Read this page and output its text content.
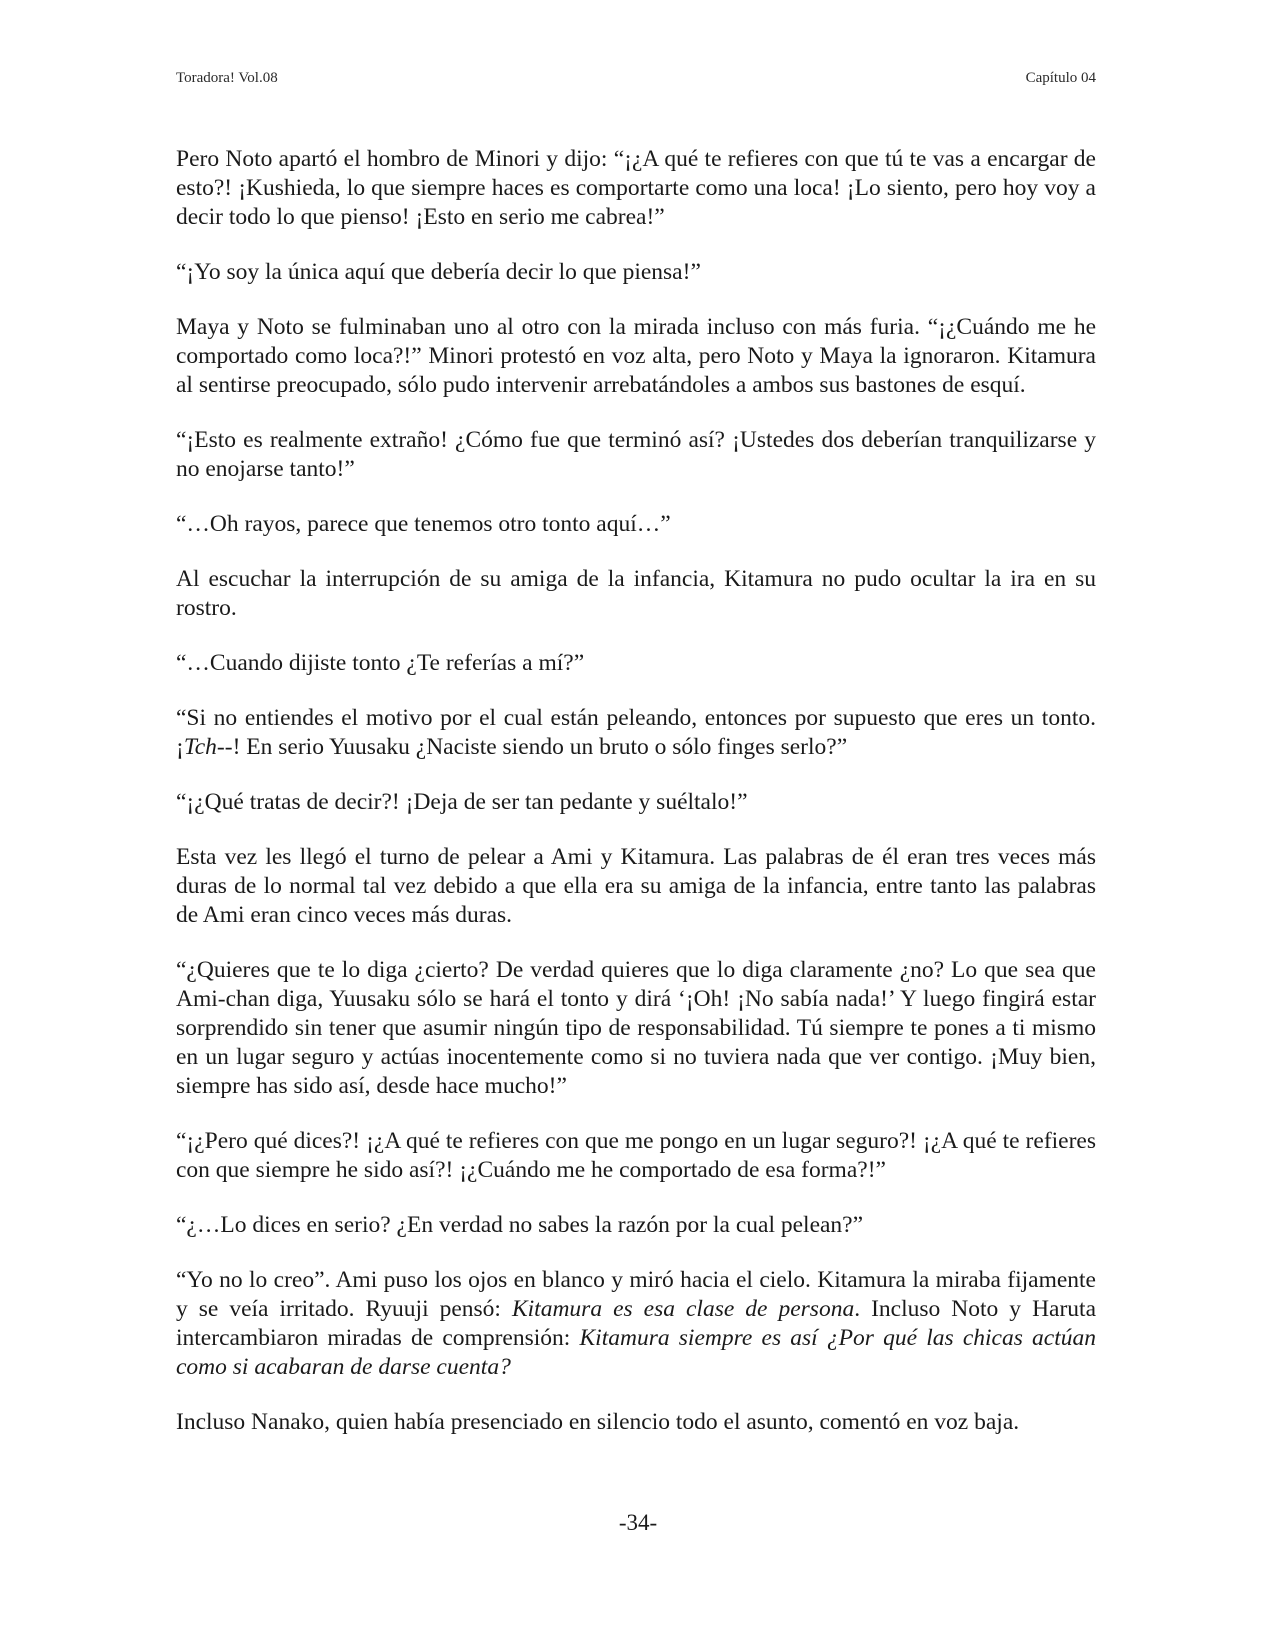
Toradora! Vol.08	Capítulo 04

Pero Noto apartó el hombro de Minori y dijo: “¡¿A qué te refieres con que tú te vas a encargar de esto?! ¡Kushieda, lo que siempre haces es comportarte como una loca! ¡Lo siento, pero hoy voy a decir todo lo que pienso! ¡Esto en serio me cabrea!”

“¡Yo soy la única aquí que debería decir lo que piensa!”

Maya y Noto se fulminaban uno al otro con la mirada incluso con más furia. “¡¿Cuándo me he comportado como loca?!” Minori protestó en voz alta, pero Noto y Maya la ignoraron. Kitamura al sentirse preocupado, sólo pudo intervenir arrebatándoles a ambos sus bastones de esquí.

“¡Esto es realmente extraño! ¿Cómo fue que terminó así? ¡Ustedes dos deberían tranquilizarse y no enojarse tanto!”

“…Oh rayos, parece que tenemos otro tonto aquí…”

Al escuchar la interrupción de su amiga de la infancia, Kitamura no pudo ocultar la ira en su rostro.

“…Cuando dijiste tonto ¿Te referías a mí?”

“Si no entiendes el motivo por el cual están peleando, entonces por supuesto que eres un tonto. ¡Tch--! En serio Yuusaku ¿Naciste siendo un bruto o sólo finges serlo?”

“¡¿Qué tratas de decir?! ¡Deja de ser tan pedante y suéltalo!”

Esta vez les llegó el turno de pelear a Ami y Kitamura. Las palabras de él eran tres veces más duras de lo normal tal vez debido a que ella era su amiga de la infancia, entre tanto las palabras de Ami eran cinco veces más duras.

“¿Quieres que te lo diga ¿cierto? De verdad quieres que lo diga claramente ¿no? Lo que sea que Ami-chan diga, Yuusaku sólo se hará el tonto y dirá ‘¡Oh! ¡No sabía nada!’ Y luego fingirá estar sorprendido sin tener que asumir ningún tipo de responsabilidad. Tú siempre te pones a ti mismo en un lugar seguro y actúas inocentemente como si no tuviera nada que ver contigo. ¡Muy bien, siempre has sido así, desde hace mucho!”

“¡¿Pero qué dices?! ¡¿A qué te refieres con que me pongo en un lugar seguro?! ¡¿A qué te refieres con que siempre he sido así?! ¡¿Cuándo me he comportado de esa forma?!”

“¿…Lo dices en serio? ¿En verdad no sabes la razón por la cual pelean?”

“Yo no lo creo”. Ami puso los ojos en blanco y miró hacia el cielo. Kitamura la miraba fijamente y se veía irritado. Ryuuji pensó: Kitamura es esa clase de persona. Incluso Noto y Haruta intercambiaron miradas de comprensión: Kitamura siempre es así ¿Por qué las chicas actúan como si acabaran de darse cuenta?

Incluso Nanako, quien había presenciado en silencio todo el asunto, comentó en voz baja.

-34-
